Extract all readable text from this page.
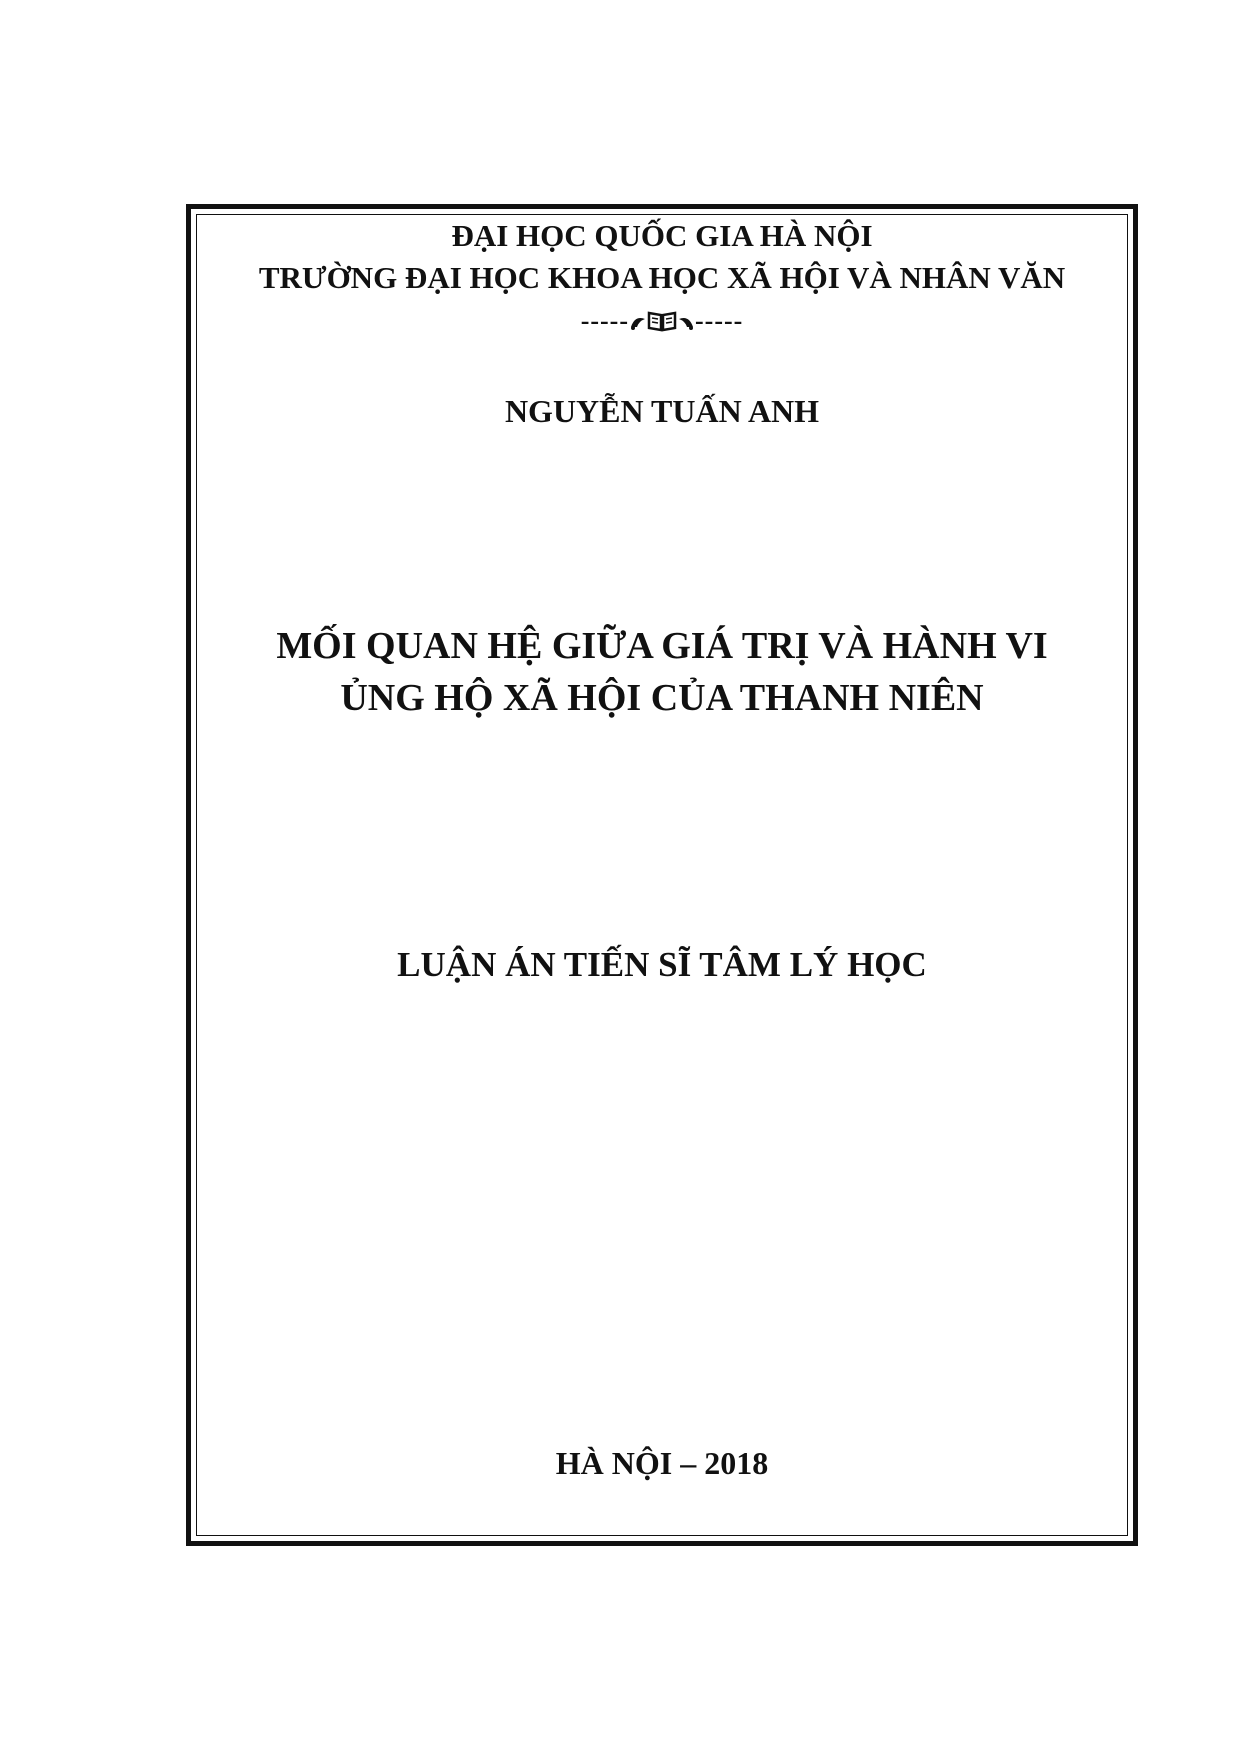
ĐẠI HỌC QUỐC GIA HÀ NỘI
TRƯỜNG ĐẠI HỌC KHOA HỌC XÃ HỘI VÀ NHÂN VĂN
-----	-----
NGUYỄN TUẤN ANH
MỐI QUAN HỆ GIỮA GIÁ TRỊ VÀ HÀNH VI
ỦNG HỘ XÃ HỘI CỦA THANH NIÊN
LUẬN ÁN TIẾN SĨ TÂM LÝ HỌC
HÀ NỘI – 2018
